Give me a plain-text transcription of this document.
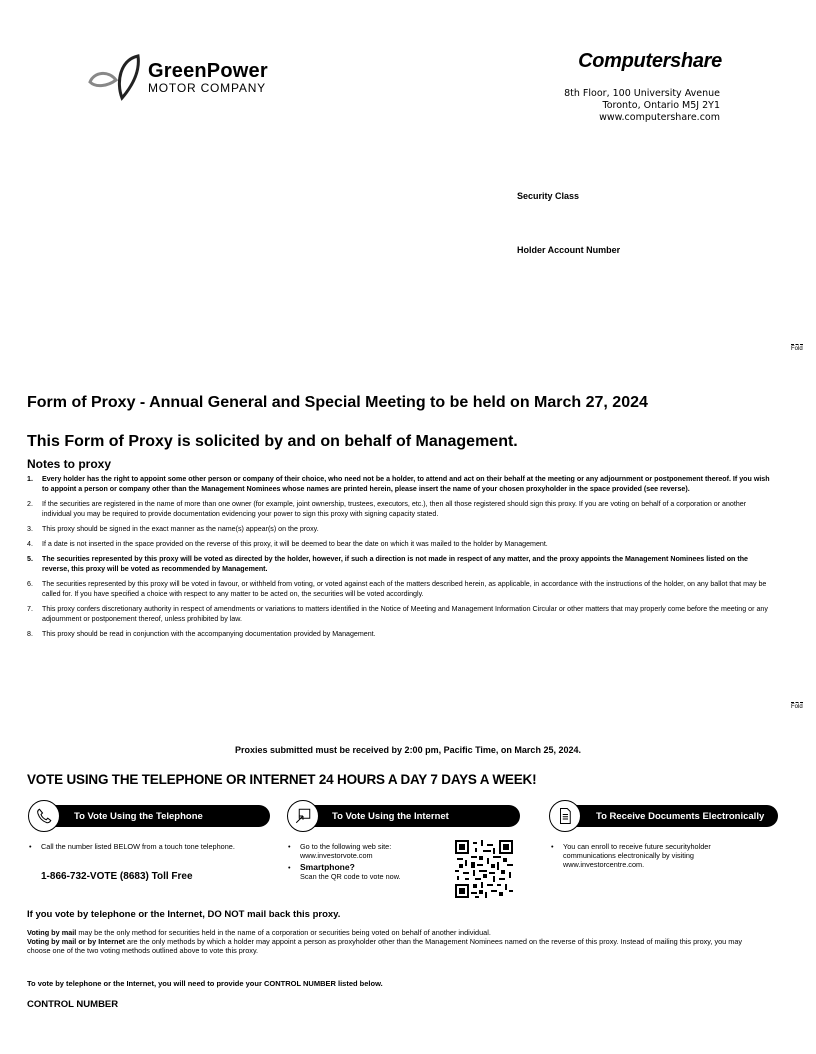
GreenPower
MOTOR COMPANY
Computershare
8th Floor, 100 University Avenue
Toronto, Ontario M5J 2Y1
www.computershare.com
Security Class
Holder Account Number
Fold
Fold
Form of Proxy - Annual General and Special Meeting to be held on March 27, 2024
This Form of Proxy is solicited by and on behalf of Management.
Notes to proxy
1. Every holder has the right to appoint some other person or company of their choice, who need not be a holder, to attend and act on their behalf at the meeting or any adjournment or postponement thereof. If you wish to appoint a person or company other than the Management Nominees whose names are printed herein, please insert the name of your chosen proxyholder in the space provided (see reverse).
2. If the securities are registered in the name of more than one owner (for example, joint ownership, trustees, executors, etc.), then all those registered should sign this proxy. If you are voting on behalf of a corporation or another individual you may be required to provide documentation evidencing your power to sign this proxy with signing capacity stated.
3. This proxy should be signed in the exact manner as the name(s) appear(s) on the proxy.
4. If a date is not inserted in the space provided on the reverse of this proxy, it will be deemed to bear the date on which it was mailed to the holder by Management.
5. The securities represented by this proxy will be voted as directed by the holder, however, if such a direction is not made in respect of any matter, and the proxy appoints the Management Nominees listed on the reverse, this proxy will be voted as recommended by Management.
6. The securities represented by this proxy will be voted in favour, or withheld from voting, or voted against each of the matters described herein, as applicable, in accordance with the instructions of the holder, on any ballot that may be called for. If you have specified a choice with respect to any matter to be acted on, the securities will be voted accordingly.
7. This proxy confers discretionary authority in respect of amendments or variations to matters identified in the Notice of Meeting and Management Information Circular or other matters that may properly come before the meeting or any adjournment or postponement thereof, unless prohibited by law.
8. This proxy should be read in conjunction with the accompanying documentation provided by Management.
Proxies submitted must be received by 2:00 pm, Pacific Time, on March 25, 2024.
VOTE USING THE TELEPHONE OR INTERNET 24 HOURS A DAY 7 DAYS A WEEK!
To Vote Using the Telephone
• Call the number listed BELOW from a touch tone telephone.
1-866-732-VOTE (8683) Toll Free
To Vote Using the Internet
• Go to the following web site:
www.investorvote.com
• Smartphone?
Scan the QR code to vote now.
To Receive Documents Electronically
• You can enroll to receive future securityholder communications electronically by visiting www.investorcentre.com.
If you vote by telephone or the Internet, DO NOT mail back this proxy.
Voting by mail may be the only method for securities held in the name of a corporation or securities being voted on behalf of another individual.
Voting by mail or by Internet are the only methods by which a holder may appoint a person as proxyholder other than the Management Nominees named on the reverse of this proxy. Instead of mailing this proxy, you may choose one of the two voting methods outlined above to vote this proxy.
To vote by telephone or the Internet, you will need to provide your CONTROL NUMBER listed below.
CONTROL NUMBER
